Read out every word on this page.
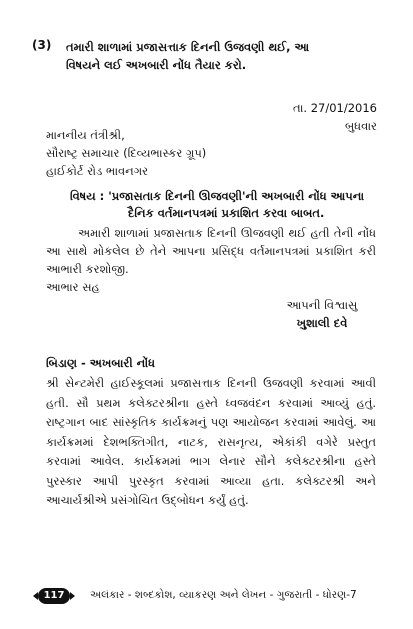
(3) તમારી શાળામાં પ્રજાસત્તાક દિનની ઉજવણી થઈ, આ
વિષયને લઈ અખબારી નોંધ તૈયાર કરો.
તા. 27/01/2016
બુધવાર
માનનીય તંત્રીશ્રી,
સૌરાષ્ટ્ર સમાચાર (દિવ્યભાસ્કર ગ્રૂપ)
હાઈકોર્ટ રોડ ભાવનગર
વિષય : 'પ્રજાસતાક દિનની ઊજવણી'ની અખબારી નોંધ આપના
દૈનિક વર્તમાનપત્રમાં પ્રકાશિત કરવા બાબત.
અમારી શાળામાં પ્રજાસતાક દિનની ઊજવણી થઈ હતી તેની નોંધ આ સાથે મોકલેલ છે તેને આપના પ્રસિદ્ધ વર્તમાનપત્રમાં પ્રકાશિત કરી આભારી કરશોજી.
આભાર સહ
આપની વિશ્વાસુ
ખુશાલી દવે
બિડાણ - અખબારી નોંધ
શ્રી સેન્ટમેરી હાઈસ્કૂલમાં પ્રજાસત્તાક દિનની ઉજવણી કરવામાં આવી હતી. સૌ પ્રથમ કલેક્ટરશ્રીના હસ્તે ધ્વજવંદન કરવામાં આવ્યું હતું. રાષ્ટ્રગાન બાદ સાંસ્કૃતિક કાર્યક્રમનું પણ આયોજન કરવામાં આવેલું. આ કાર્યક્રમમાં દેશભક્તિગીત, નાટક, રાસનૃત્ય, એકાંકી વગેરે પ્રસ્તુત કરવામાં આવેલ. કાર્યક્રમમાં ભાગ લેનાર સૌને કલેક્ટરશ્રીના હસ્તે પુરસ્કાર આપી પુરસ્કૃત કરવામાં આવ્યા હતા. કલેક્ટરશ્રી અને આચાર્યશ્રીએ પ્રસંગોચિત ઉદ્બોધન કર્યું હતું.
117	અલંકાર - શબ્દકોશ, વ્યાકરણ અને લેખન - ગુજરાતી - ધોરણ-7
